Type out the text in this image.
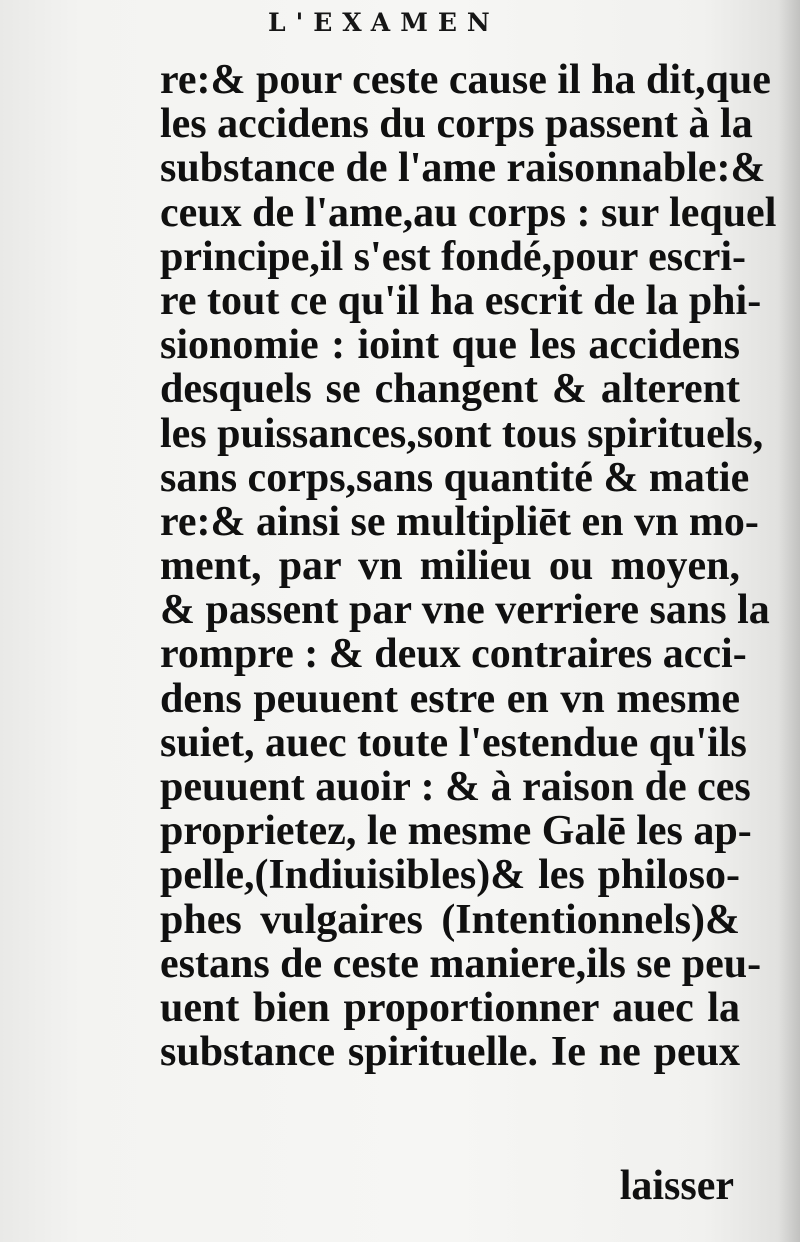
L'EXAMEN
re:& pour ceste cause il ha dit,que
les accidens du corps passent à la
substance de l'ame raisonnable:&
ceux de l'ame,au corps : sur lequel
principe,il s'est fondé,pour escri-
re tout ce qu'il ha escrit de la phi-
sionomie : ioint que les accidens
desquels se changent & alterent
les puissances,sont tous spirituels,
sans corps,sans quantité & matie
re:& ainsi se multipliēt en vn mo-
ment, par vn milieu ou moyen,
& passent par vne verriere sans la
rompre : & deux contraires acci-
dens peuuent estre en vn mesme
suiet, auec toute l'estendue qu'ils
peuuent auoir : & à raison de ces
proprietez, le mesme Galē les ap-
pelle,(Indiuisibles)& les philoso-
phes vulgaires (Intentionnels)&
estans de ceste maniere,ils se peu-
uent bien proportionner auec la
substance spirituelle. Ie ne peux
laisser
